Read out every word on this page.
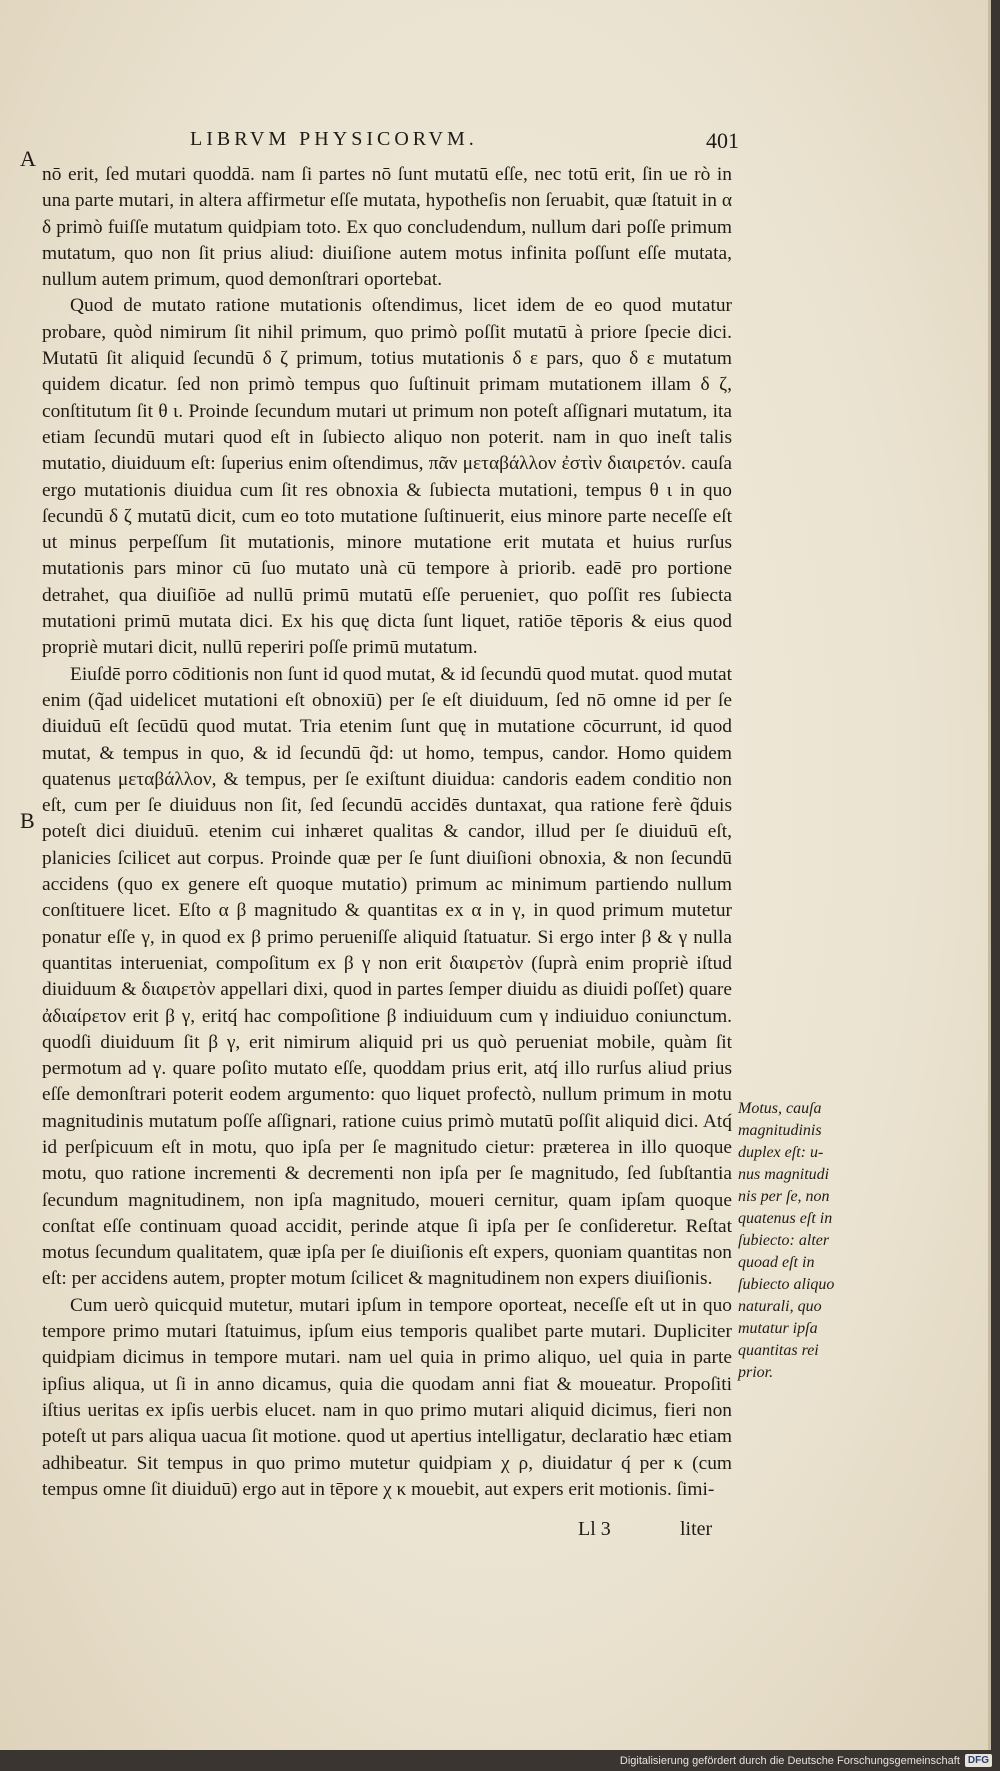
LIBRVM PHYSICORVM.	401
A
B

nō erit, ſed mutari quoddā. nam ſi partes nō ſunt mutatū eſſe, nec totū erit, ſin ue rò in una parte mutari, in altera affirmetur eſſe mutata, hypotheſis non ſeruabit, quæ ſtatuit in α δ primò fuiſſe mutatum quidpiam toto. Ex quo concludendum, nullum dari poſſe primum mutatum, quo non ſit prius aliud: diuiſione autem motus infinita poſſunt eſſe mutata, nullum autem primum, quod demonſtrari oportebat.

Quod de mutato ratione mutationis oſtendimus, licet idem de eo quod mutatur probare, quòd nimirum ſit nihil primum, quo primò poſſit mutatū à priore ſpecie dici. Mutatū ſit aliquid ſecundū δ ζ primum, totius mutationis δ ε pars, quo δ ε mutatum quidem dicatur. ſed non primò tempus quo ſuſtinuit primam mutationem illam δ ζ, conſtitutum ſit θ ι. Proinde ſecundum mutari ut primum non poteſt aſſignari mutatum, ita etiam ſecundū mutari quod eſt in ſubiecto aliquo non poterit. nam in quo ineſt talis mutatio, diuiduum eſt: ſuperius enim oſtendimus, πᾶν μεταβάλλον ἐστὶν διαιρετόν. cauſa ergo mutationis diuidua cum ſit res obnoxia & ſubiecta mutationi, tempus θ ι in quo ſecundū δ ζ mutatū dicit, cum eo toto mutatione ſuſtinuerit, eius minore parte neceſſe eſt ut minus perpeſſum ſit mutationis, minore mutatione erit mutata et huius rurſus mutationis pars minor cū ſuo mutato unà cū tempore à priorib. eadē pro portione detrahet, qua diuiſiōe ad nullū primū mutatū eſſe peruenieτ, quo poſſit res ſubiecta mutationi primū mutata dici. Ex his quę dicta ſunt liquet, ratiōe tēporis & eius quod propriè mutari dicit, nullū reperiri poſſe primū mutatum.

Eiuſdē porro cōditionis non ſunt id quod mutat, & id ſecundū quod mutat. quod mutat enim (q̃ad uidelicet mutationi eſt obnoxiū) per ſe eſt diuiduum, ſed nō omne id per ſe diuiduū eſt ſecūdū quod mutat. Tria etenim ſunt quę in mutatione cōcurrunt, id quod mutat, & tempus in quo, & id ſecundū q̃d: ut homo, tempus, candor. Homo quidem quatenus μεταβάλλον, & tempus, per ſe exiſtunt diuidua: candoris eadem conditio non eſt, cum per ſe diuiduus non ſit, ſed ſecundū accidēs duntaxat, qua ratione ferè q̃duis poteſt dici diuiduū. etenim cui inhæret qualitas & candor, illud per ſe diuiduū eſt, planicies ſcilicet aut corpus. Proinde quæ per ſe ſunt diuiſioni obnoxia, & non ſecundū accidens (quo ex genere eſt quoque mutatio) primum ac minimum partiendo nullum conſtituere licet. Eſto α β magnitudo & quantitas ex α in γ, in quod primum mutetur ponatur eſſe γ, in quod ex β primo perueniſſe aliquid ſtatuatur. Si ergo inter β & γ nulla quantitas interueniat, compoſitum ex β γ non erit διαιρετὸν (ſuprà enim propriè iſtud diuiduum & διαιρετὸν appellari dixi, quod in partes ſemper diuidu as diuidi poſſet) quare ἀδιαίρετον erit β γ, eritq́ hac compoſitione β indiuiduum cum γ indiuiduo coniunctum. quodſi diuiduum ſit β γ, erit nimirum aliquid pri us quò perueniat mobile, quàm ſit permotum ad γ. quare poſito mutato eſſe, quoddam prius erit, atq́ illo rurſus aliud prius eſſe demonſtrari poterit eodem argumento: quo liquet profectò, nullum primum in motu magnitudinis mutatum poſſe aſſignari, ratione cuius primò mutatū poſſit aliquid dici. Atq́ id perſpicuum eſt in motu, quo ipſa per ſe magnitudo cietur: præterea in illo quoque motu, quo ratione incrementi & decrementi non ipſa per ſe magnitudo, ſed ſubſtantia ſecundum magnitudinem, non ipſa magnitudo, moueri cernitur, quam ipſam quoque conſtat eſſe continuam quoad accidit, perinde atque ſi ipſa per ſe conſideretur. Reſtat motus ſecundum qualitatem, quæ ipſa per ſe diuiſionis eſt expers, quoniam quantitas non eſt: per accidens autem, propter motum ſcilicet & magnitudinem non expers diuiſionis.

Cum uerò quicquid mutetur, mutari ipſum in tempore oporteat, neceſſe eſt ut in quo tempore primo mutari ſtatuimus, ipſum eius temporis qualibet parte mutari. Dupliciter quidpiam dicimus in tempore mutari. nam uel quia in primo aliquo, uel quia in parte ipſius aliqua, ut ſi in anno dicamus, quia die quodam anni fiat & moueatur. Propoſiti iſtius ueritas ex ipſis uerbis elucet. nam in quo primo mutari aliquid dicimus, fieri non poteſt ut pars aliqua uacua ſit motione. quod ut apertius intelligatur, declaratio hæc etiam adhibeatur. Sit tempus in quo primo mutetur quidpiam χ ρ, diuidatur q́ per κ (cum tempus omne ſit diuiduū) ergo aut in tēpore χ κ mouebit, aut expers erit motionis. ſimi-

Motus, cauſa
magnitudinis
duplex eſt: u-
nus magnitudi
nis per ſe, non
quatenus eſt in
ſubiecto: alter
quoad eſt in
ſubiecto aliquo
naturali, quo
mutatur ipſa
quantitas rei
prior.
Ll 3	liter
Digitalisierung gefördert durch die Deutsche Forschungsgemeinschaft DFG
